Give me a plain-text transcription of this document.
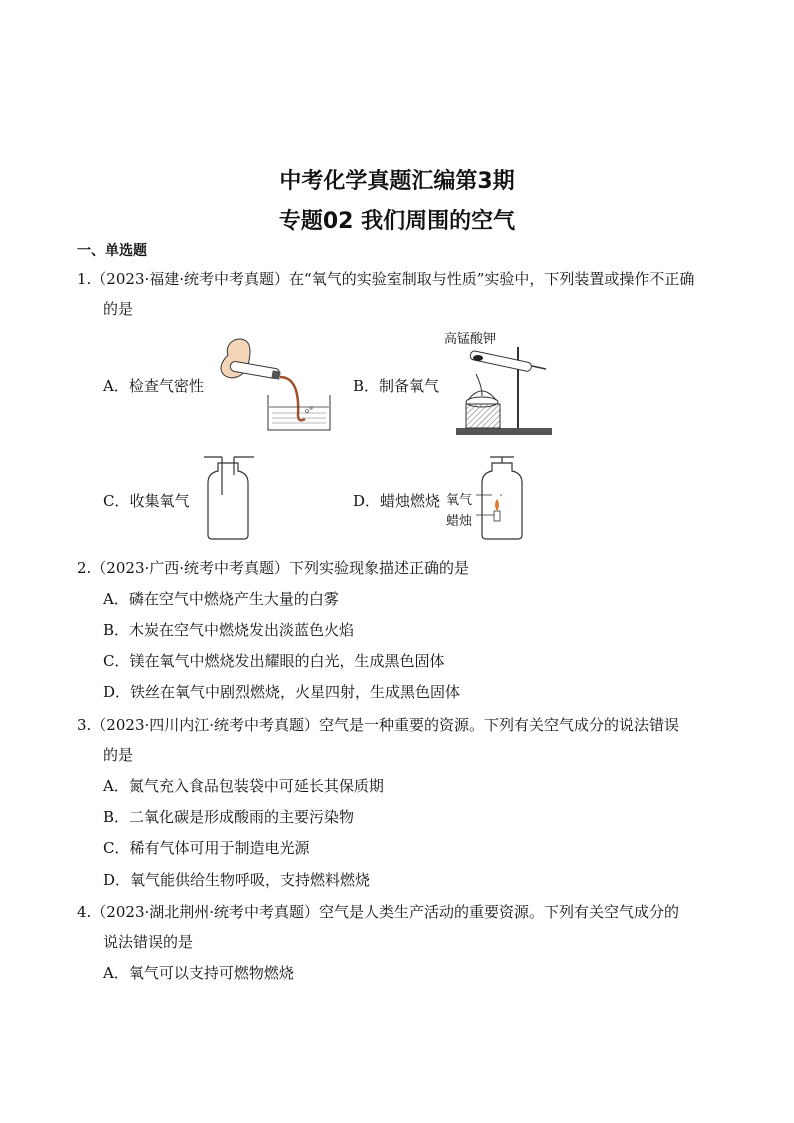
中考化学真题汇编第3期
专题02 我们周围的空气
一、单选题
1.（2023·福建·统考中考真题）在“氧气的实验室制取与性质”实验中，下列装置或操作不正确
的是
A．检查气密性	B．制备氧气
高锰酸钾
C．收集氧气	D．蜡烛燃烧 氧气
蜡烛
2.（2023·广西·统考中考真题）下列实验现象描述正确的是
A．磷在空气中燃烧产生大量的白雾
B．木炭在空气中燃烧发出淡蓝色火焰
C．镁在氧气中燃烧发出耀眼的白光，生成黑色固体
D．铁丝在氧气中剧烈燃烧，火星四射，生成黑色固体
3.（2023·四川内江·统考中考真题）空气是一种重要的资源。下列有关空气成分的说法错误
的是
A．氮气充入食品包装袋中可延长其保质期
B．二氧化碳是形成酸雨的主要污染物
C．稀有气体可用于制造电光源
D．氧气能供给生物呼吸，支持燃料燃烧
4.（2023·湖北荆州·统考中考真题）空气是人类生产活动的重要资源。下列有关空气成分的
说法错误的是
A．氧气可以支持可燃物燃烧
